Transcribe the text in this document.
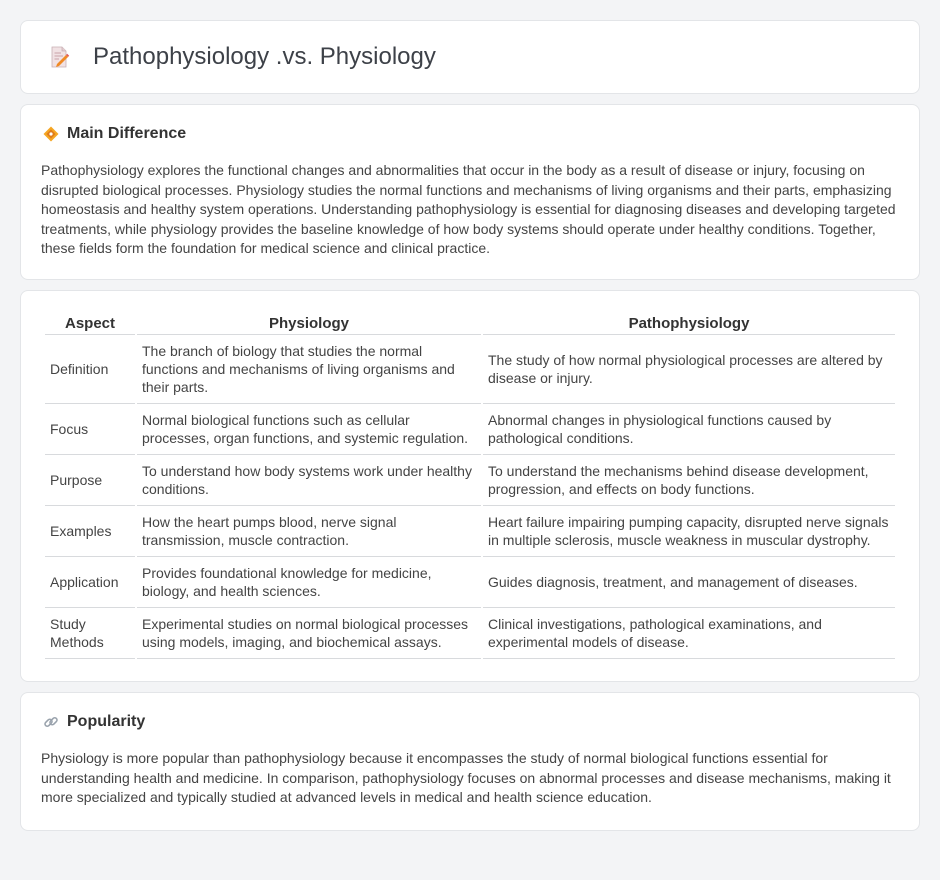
Pathophysiology .vs. Physiology
Main Difference

Pathophysiology explores the functional changes and abnormalities that occur in the body as a result of disease or injury, focusing on disrupted biological processes. Physiology studies the normal functions and mechanisms of living organisms and their parts, emphasizing homeostasis and healthy system operations. Understanding pathophysiology is essential for diagnosing diseases and developing targeted treatments, while physiology provides the baseline knowledge of how body systems should operate under healthy conditions. Together, these fields form the foundation for medical science and clinical practice.

Aspect	Physiology	Pathophysiology
Definition	The branch of biology that studies the normal functions and mechanisms of living organisms and their parts.	The study of how normal physiological processes are altered by disease or injury.
Focus	Normal biological functions such as cellular processes, organ functions, and systemic regulation.	Abnormal changes in physiological functions caused by pathological conditions.
Purpose	To understand how body systems work under healthy conditions.	To understand the mechanisms behind disease development, progression, and effects on body functions.
Examples	How the heart pumps blood, nerve signal transmission, muscle contraction.	Heart failure impairing pumping capacity, disrupted nerve signals in multiple sclerosis, muscle weakness in muscular dystrophy.
Application	Provides foundational knowledge for medicine, biology, and health sciences.	Guides diagnosis, treatment, and management of diseases.
Study Methods	Experimental studies on normal biological processes using models, imaging, and biochemical assays.	Clinical investigations, pathological examinations, and experimental models of disease.
Popularity

Physiology is more popular than pathophysiology because it encompasses the study of normal biological functions essential for understanding health and medicine. In comparison, pathophysiology focuses on abnormal processes and disease mechanisms, making it more specialized and typically studied at advanced levels in medical and health science education.
